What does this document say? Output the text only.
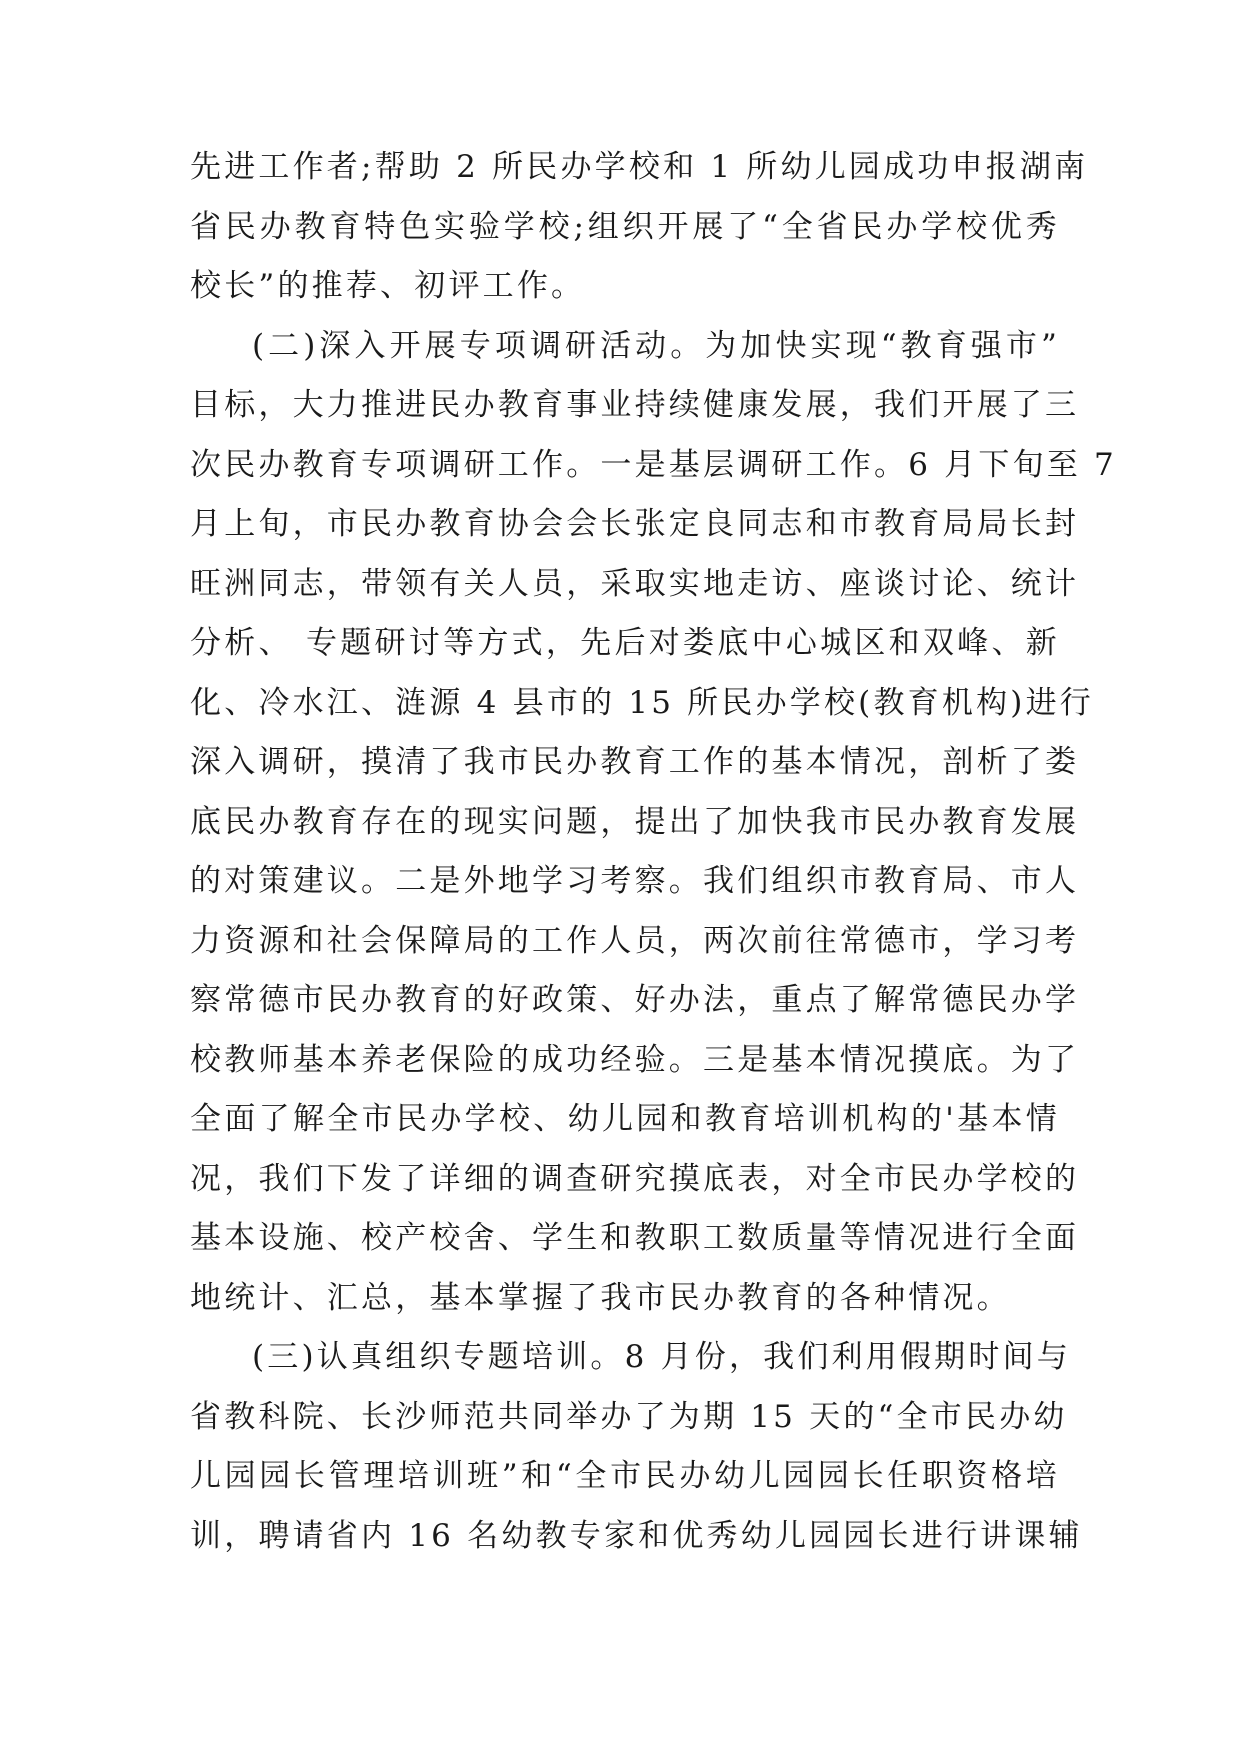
先进工作者;帮助 2 所民办学校和 1 所幼儿园成功申报湖南
省民办教育特色实验学校;组织开展了“全省民办学校优秀
校长”的推荐、初评工作。
(二)深入开展专项调研活动。为加快实现“教育强市”
目标，大力推进民办教育事业持续健康发展，我们开展了三
次民办教育专项调研工作。一是基层调研工作。6 月下旬至 7
月上旬，市民办教育协会会长张定良同志和市教育局局长封
旺洲同志，带领有关人员，采取实地走访、座谈讨论、统计
分析、 专题研讨等方式，先后对娄底中心城区和双峰、新
化、冷水江、涟源 4 县市的 15 所民办学校(教育机构)进行
深入调研，摸清了我市民办教育工作的基本情况，剖析了娄
底民办教育存在的现实问题，提出了加快我市民办教育发展
的对策建议。二是外地学习考察。我们组织市教育局、市人
力资源和社会保障局的工作人员，两次前往常德市，学习考
察常德市民办教育的好政策、好办法，重点了解常德民办学
校教师基本养老保险的成功经验。三是基本情况摸底。为了
全面了解全市民办学校、幼儿园和教育培训机构的'基本情
况，我们下发了详细的调查研究摸底表，对全市民办学校的
基本设施、校产校舍、学生和教职工数质量等情况进行全面
地统计、汇总，基本掌握了我市民办教育的各种情况。
(三)认真组织专题培训。8 月份，我们利用假期时间与
省教科院、长沙师范共同举办了为期 15 天的“全市民办幼
儿园园长管理培训班”和“全市民办幼儿园园长任职资格培
训，聘请省内 16 名幼教专家和优秀幼儿园园长进行讲课辅
